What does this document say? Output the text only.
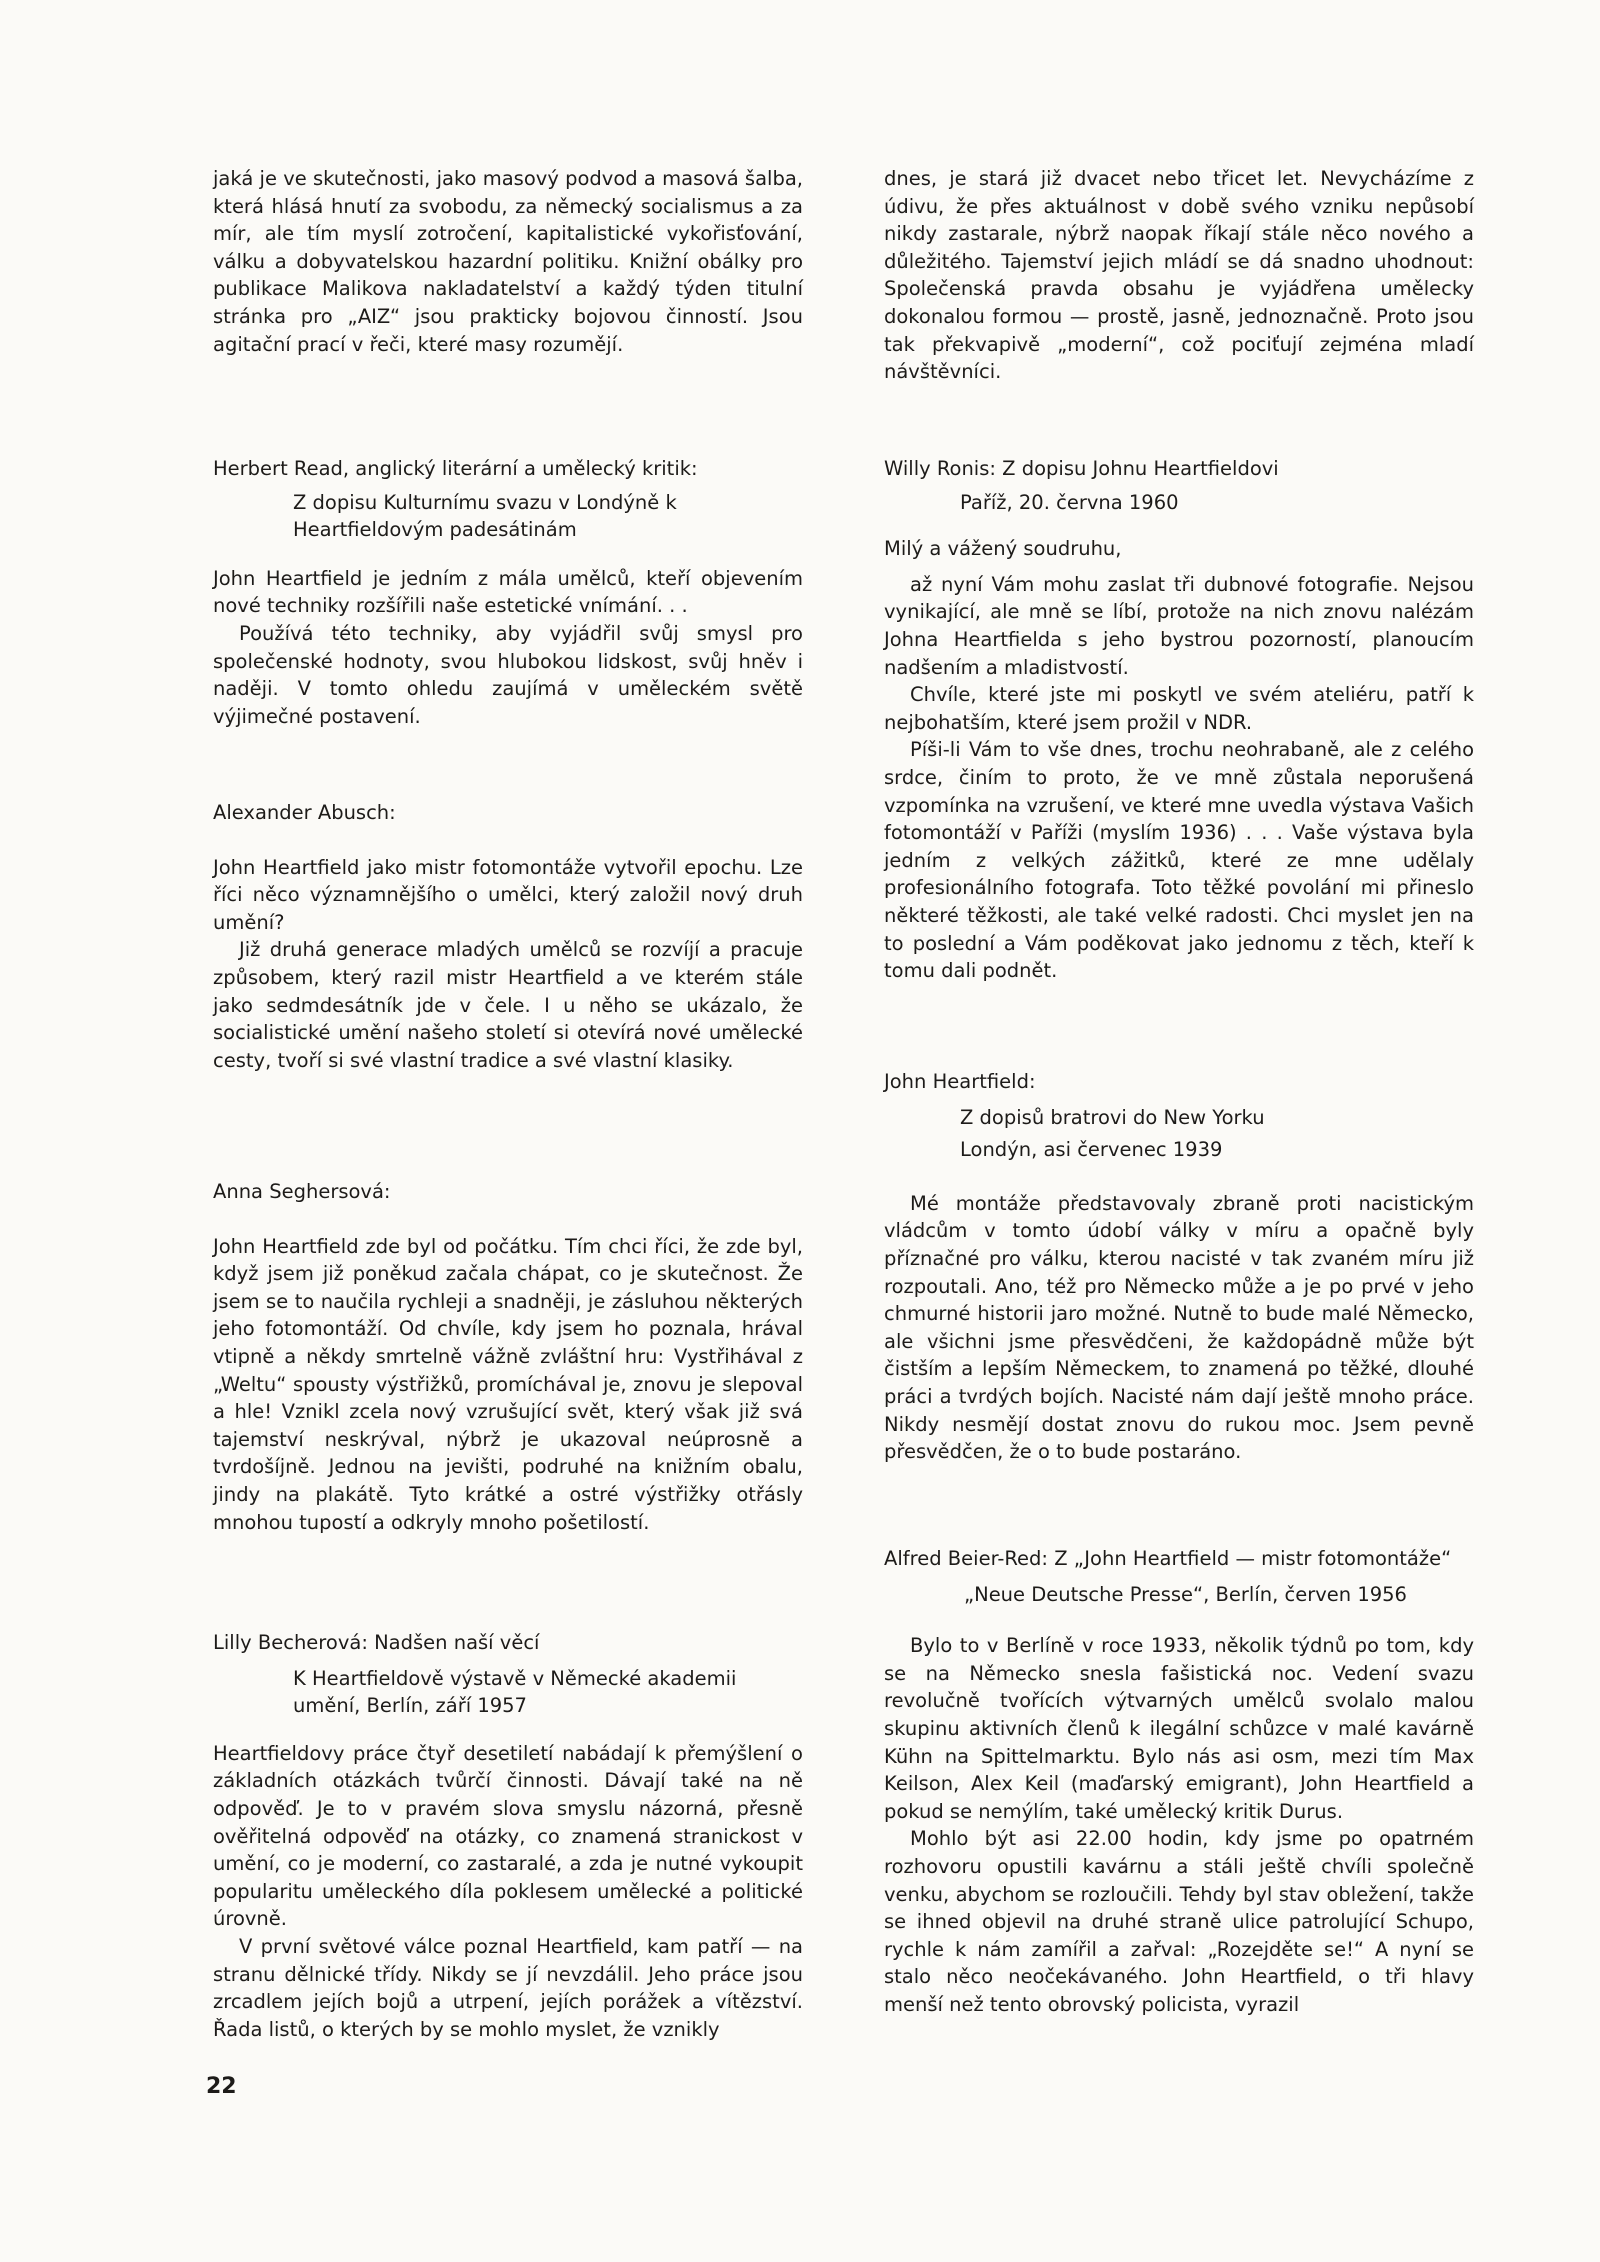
jaká je ve skutečnosti, jako masový podvod a masová šalba, která hlásá hnutí za svobodu, za německý socialismus a za mír, ale tím myslí zotročení, kapitalistické vykořisťování, válku a dobyvatelskou hazardní politiku. Knižní obálky pro publikace Malikova nakladatelství a každý týden titulní stránka pro „AIZ“ jsou prakticky bojovou činností. Jsou agitační prací v řeči, které masy rozumějí.

Herbert Read, anglický literární a umělecký kritik:

Z dopisu Kulturnímu svazu v Londýně k Heartfieldovým padesátinám

John Heartfield je jedním z mála umělců, kteří objevením nové techniky rozšířili naše estetické vnímání. . .

Používá této techniky, aby vyjádřil svůj smysl pro společenské hodnoty, svou hlubokou lidskost, svůj hněv i naději. V tomto ohledu zaujímá v uměleckém světě výjimečné postavení.

Alexander Abusch:

John Heartfield jako mistr fotomontáže vytvořil epochu. Lze říci něco významnějšího o umělci, který založil nový druh umění?

Již druhá generace mladých umělců se rozvíjí a pracuje způsobem, který razil mistr Heartfield a ve kterém stále jako sedmdesátník jde v čele. I u něho se ukázalo, že socialistické umění našeho století si otevírá nové umělecké cesty, tvoří si své vlastní tradice a své vlastní klasiky.

Anna Seghersová:

John Heartfield zde byl od počátku. Tím chci říci, že zde byl, když jsem již poněkud začala chápat, co je skutečnost. Že jsem se to naučila rychleji a snadněji, je zásluhou některých jeho fotomontáží. Od chvíle, kdy jsem ho poznala, hrával vtipně a někdy smrtelně vážně zvláštní hru: Vystřihával z „Weltu“ spousty výstřižků, promíchával je, znovu je slepoval a hle! Vznikl zcela nový vzrušující svět, který však již svá tajemství neskrýval, nýbrž je ukazoval neúprosně a tvrdošíjně. Jednou na jevišti, podruhé na knižním obalu, jindy na plakátě. Tyto krátké a ostré výstřižky otřásly mnohou tupostí a odkryly mnoho pošetilostí.

Lilly Becherová: Nadšen naší věcí

K Heartfieldově výstavě v Německé akademii umění, Berlín, září 1957

Heartfieldovy práce čtyř desetiletí nabádají k přemýšlení o základních otázkách tvůrčí činnosti. Dávají také na ně odpověď. Je to v pravém slova smyslu názorná, přesně ověřitelná odpověď na otázky, co znamená stranickost v umění, co je moderní, co zastaralé, a zda je nutné vykoupit popularitu uměleckého díla poklesem umělecké a politické úrovně.

V první světové válce poznal Heartfield, kam patří — na stranu dělnické třídy. Nikdy se jí nevzdálil. Jeho práce jsou zrcadlem jejích bojů a utrpení, jejích porážek a vítězství. Řada listů, o kterých by se mohlo myslet, že vznikly

dnes, je stará již dvacet nebo třicet let. Nevycházíme z údivu, že přes aktuálnost v době svého vzniku nepůsobí nikdy zastarale, nýbrž naopak říkají stále něco nového a důležitého. Tajemství jejich mládí se dá snadno uhodnout: Společenská pravda obsahu je vyjádřena umělecky dokonalou formou — prostě, jasně, jednoznačně. Proto jsou tak překvapivě „moderní“, což pociťují zejména mladí návštěvníci.

Willy Ronis: Z dopisu Johnu Heartfieldovi

Paříž, 20. června 1960

Milý a vážený soudruhu,

až nyní Vám mohu zaslat tři dubnové fotografie. Nejsou vynikající, ale mně se líbí, protože na nich znovu nalézám Johna Heartfielda s jeho bystrou pozorností, planoucím nadšením a mladistvostí.

Chvíle, které jste mi poskytl ve svém ateliéru, patří k nejbohatším, které jsem prožil v NDR.

Píši-li Vám to vše dnes, trochu neohrabaně, ale z celého srdce, činím to proto, že ve mně zůstala neporušená vzpomínka na vzrušení, ve které mne uvedla výstava Vašich fotomontáží v Paříži (myslím 1936) . . . Vaše výstava byla jedním z velkých zážitků, které ze mne udělaly profesionálního fotografa. Toto těžké povolání mi přineslo některé těžkosti, ale také velké radosti. Chci myslet jen na to poslední a Vám poděkovat jako jednomu z těch, kteří k tomu dali podnět.

John Heartfield:

Z dopisů bratrovi do New Yorku

Londýn, asi červenec 1939

Mé montáže představovaly zbraně proti nacistickým vládcům v tomto údobí války v míru a opačně byly příznačné pro válku, kterou nacisté v tak zvaném míru již rozpoutali. Ano, též pro Německo může a je po prvé v jeho chmurné historii jaro možné. Nutně to bude malé Německo, ale všichni jsme přesvědčeni, že každopádně může být čistším a lepším Německem, to znamená po těžké, dlouhé práci a tvrdých bojích. Nacisté nám dají ještě mnoho práce. Nikdy nesmějí dostat znovu do rukou moc. Jsem pevně přesvědčen, že o to bude postaráno.

Alfred Beier-Red: Z „John Heartfield — mistr fotomontáže“

„Neue Deutsche Presse“, Berlín, červen 1956

Bylo to v Berlíně v roce 1933, několik týdnů po tom, kdy se na Německo snesla fašistická noc. Vedení svazu revolučně tvořících výtvarných umělců svolalo malou skupinu aktivních členů k ilegální schůzce v malé kavárně Kühn na Spittelmarktu. Bylo nás asi osm, mezi tím Max Keilson, Alex Keil (maďarský emigrant), John Heartfield a pokud se nemýlím, také umělecký kritik Durus.

Mohlo být asi 22.00 hodin, kdy jsme po opatrném rozhovoru opustili kavárnu a stáli ještě chvíli společně venku, abychom se rozloučili. Tehdy byl stav obležení, takže se ihned objevil na druhé straně ulice patrolující Schupo, rychle k nám zamířil a zařval: „Rozejděte se!“ A nyní se stalo něco neočekávaného. John Heartfield, o tři hlavy menší než tento obrovský policista, vyrazil

22
